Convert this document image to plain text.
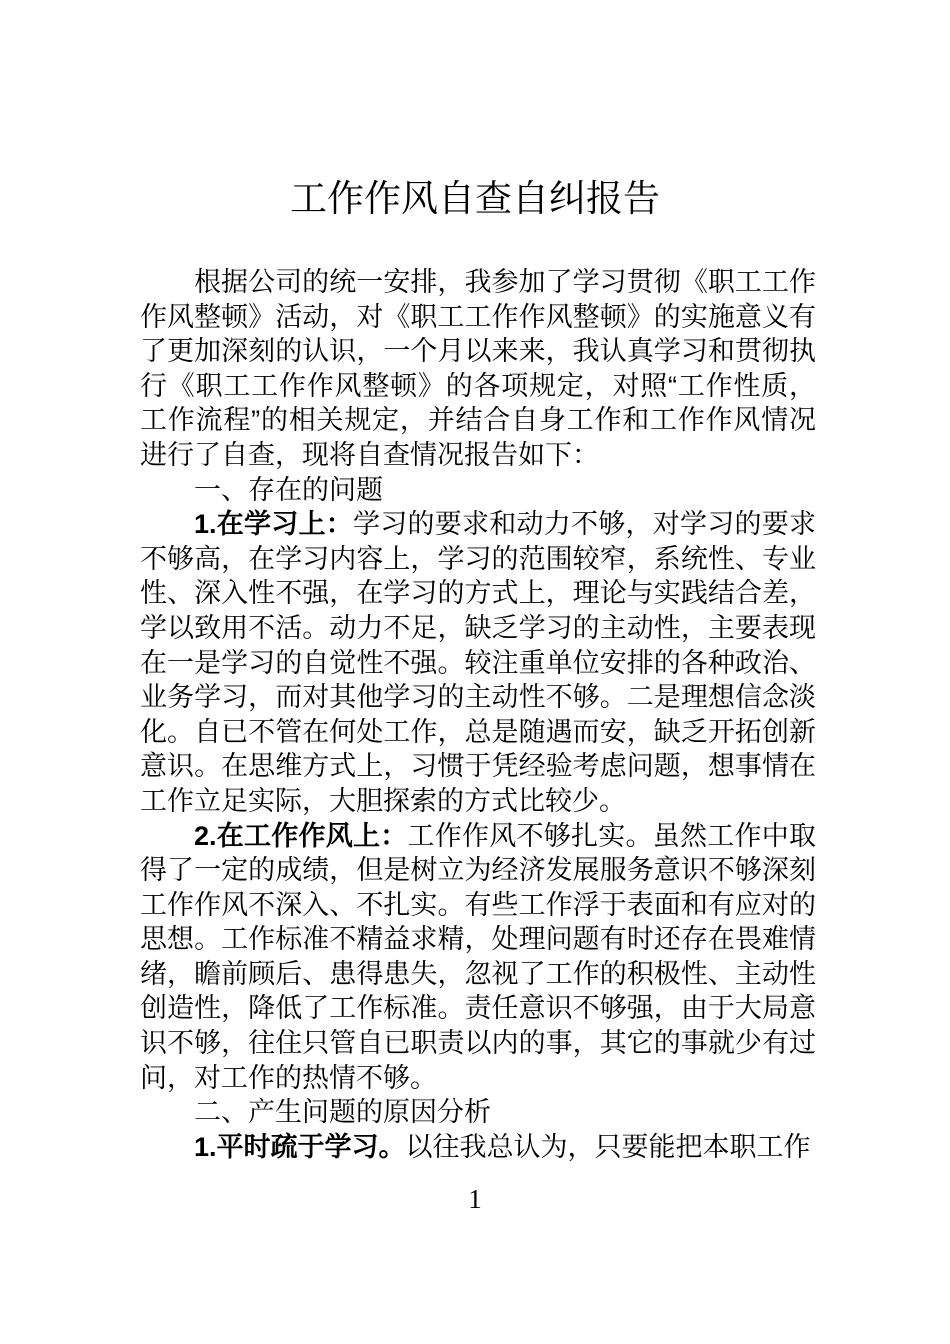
工作作风自查自纠报告

根据公司的统一安排，我参加了学习贯彻《职工工作作风整顿》活动，对《职工工作作风整顿》的实施意义有了更加深刻的认识，一个月以来来，我认真学习和贯彻执行《职工工作作风整顿》的各项规定，对照“工作性质，工作流程”的相关规定，并结合自身工作和工作作风情况进行了自查，现将自查情况报告如下：

一、存在的问题

1.在学习上：学习的要求和动力不够，对学习的要求不够高，在学习内容上，学习的范围较窄，系统性、专业性、深入性不强，在学习的方式上，理论与实践结合差，学以致用不活。动力不足，缺乏学习的主动性，主要表现在一是学习的自觉性不强。较注重单位安排的各种政治、业务学习，而对其他学习的主动性不够。二是理想信念淡化。自已不管在何处工作，总是随遇而安，缺乏开拓创新意识。在思维方式上，习惯于凭经验考虑问题，想事情在工作立足实际，大胆探索的方式比较少。

2.在工作作风上：工作作风不够扎实。虽然工作中取得了一定的成绩，但是树立为经济发展服务意识不够深刻工作作风不深入、不扎实。有些工作浮于表面和有应对的思想。工作标准不精益求精，处理问题有时还存在畏难情绪，瞻前顾后、患得患失，忽视了工作的积极性、主动性创造性，降低了工作标准。责任意识不够强，由于大局意识不够，往住只管自已职责以内的事，其它的事就少有过问，对工作的热情不够。

二、产生问题的原因分析

1.平时疏于学习。以往我总认为，只要能把本职工作

1
